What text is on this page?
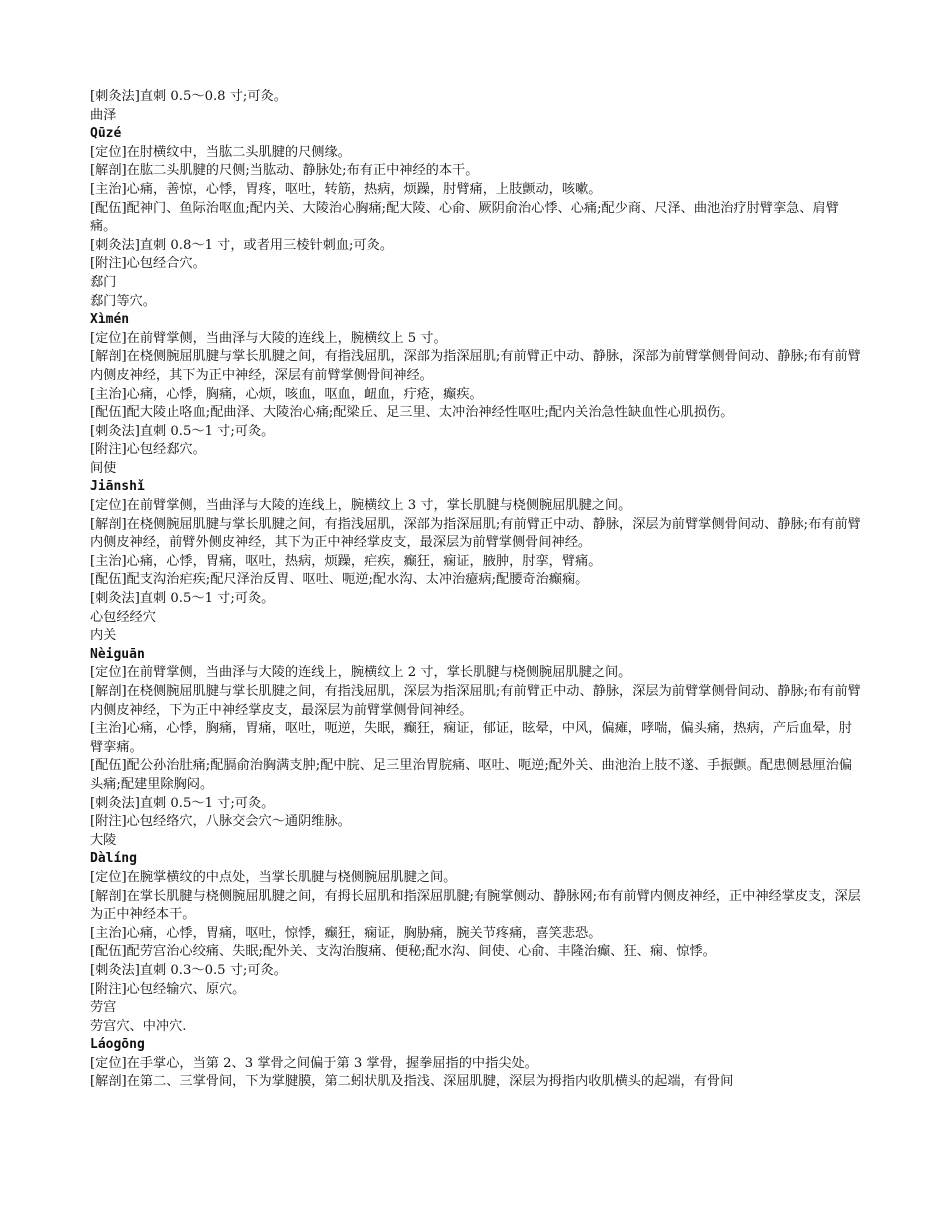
[刺灸法]直刺 0.5～0.8 寸;可灸。
曲泽
Qūzé
[定位]在肘横纹中，当肱二头肌腱的尺侧缘。
[解剖]在肱二头肌腱的尺侧;当肱动、静脉处;布有正中神经的本干。
[主治]心痛，善惊，心悸，胃疼，呕吐，转筋，热病，烦躁，肘臂痛，上肢颤动，咳嗽。
[配伍]配神门、鱼际治呕血;配内关、大陵治心胸痛;配大陵、心俞、厥阴俞治心悸、心痛;配少商、尺泽、曲池治疗肘臂挛急、肩臂痛。
[刺灸法]直刺 0.8～1 寸，或者用三棱针刺血;可灸。
[附注]心包经合穴。
郄门
郄门等穴。
Xìmén
[定位]在前臂掌侧，当曲泽与大陵的连线上，腕横纹上 5 寸。
[解剖]在桡侧腕屈肌腱与掌长肌腱之间，有指浅屈肌，深部为指深屈肌;有前臂正中动、静脉，深部为前臂掌侧骨间动、静脉;布有前臂内侧皮神经，其下为正中神经，深层有前臂掌侧骨间神经。
[主治]心痛，心悸，胸痛，心烦，咳血，呕血，衄血，疔疮，癫疾。
[配伍]配大陵止咯血;配曲泽、大陵治心痛;配梁丘、足三里、太冲治神经性呕吐;配内关治急性缺血性心肌损伤。
[刺灸法]直刺 0.5～1 寸;可灸。
[附注]心包经郄穴。
间使
Jiānshǐ
[定位]在前臂掌侧，当曲泽与大陵的连线上，腕横纹上 3 寸，掌长肌腱与桡侧腕屈肌腱之间。
[解剖]在桡侧腕屈肌腱与掌长肌腱之间，有指浅屈肌，深部为指深屈肌;有前臂正中动、静脉，深层为前臂掌侧骨间动、静脉;布有前臂内侧皮神经，前臂外侧皮神经，其下为正中神经掌皮支，最深层为前臂掌侧骨间神经。
[主治]心痛，心悸，胃痛，呕吐，热病，烦躁，疟疾，癫狂，痫证，腋肿，肘挛，臂痛。
[配伍]配支沟治疟疾;配尺泽治反胃、呕吐、呃逆;配水沟、太冲治癔病;配腰奇治癫痫。
[刺灸法]直刺 0.5～1 寸;可灸。
心包经经穴
内关
Nèiguān
[定位]在前臂掌侧，当曲泽与大陵的连线上，腕横纹上 2 寸，掌长肌腱与桡侧腕屈肌腱之间。
[解剖]在桡侧腕屈肌腱与掌长肌腱之间，有指浅屈肌，深层为指深屈肌;有前臂正中动、静脉，深层为前臂掌侧骨间动、静脉;布有前臂内侧皮神经，下为正中神经掌皮支，最深层为前臂掌侧骨间神经。
[主治]心痛，心悸，胸痛，胃痛，呕吐，呃逆，失眠，癫狂，痫证，郁证，眩晕，中风，偏瘫，哮喘，偏头痛，热病，产后血晕，肘臂挛痛。
[配伍]配公孙治肚痛;配膈俞治胸满支肿;配中脘、足三里治胃脘痛、呕吐、呃逆;配外关、曲池治上肢不遂、手振颤。配患侧悬厘治偏头痛;配建里除胸闷。
[刺灸法]直刺 0.5～1 寸;可灸。
[附注]心包经络穴，八脉交会穴～通阴维脉。
大陵
Dàlíng
[定位]在腕掌横纹的中点处，当掌长肌腱与桡侧腕屈肌腱之间。
[解剖]在掌长肌腱与桡侧腕屈肌腱之间，有拇长屈肌和指深屈肌腱;有腕掌侧动、静脉网;布有前臂内侧皮神经，正中神经掌皮支，深层为正中神经本干。
[主治]心痛，心悸，胃痛，呕吐，惊悸，癫狂，痫证，胸胁痛，腕关节疼痛，喜笑悲恐。
[配伍]配劳宫治心绞痛、失眠;配外关、支沟治腹痛、便秘;配水沟、间使、心俞、丰隆治癫、狂、痫、惊悸。
[刺灸法]直刺 0.3～0.5 寸;可灸。
[附注]心包经输穴、原穴。
劳宫
劳宫穴、中冲穴.
Láogōng
[定位]在手掌心，当第 2、3 掌骨之间偏于第 3 掌骨，握拳屈指的中指尖处。
[解剖]在第二、三掌骨间，下为掌腱膜，第二蚓状肌及指浅、深屈肌腱，深层为拇指内收肌横头的起端，有骨间
